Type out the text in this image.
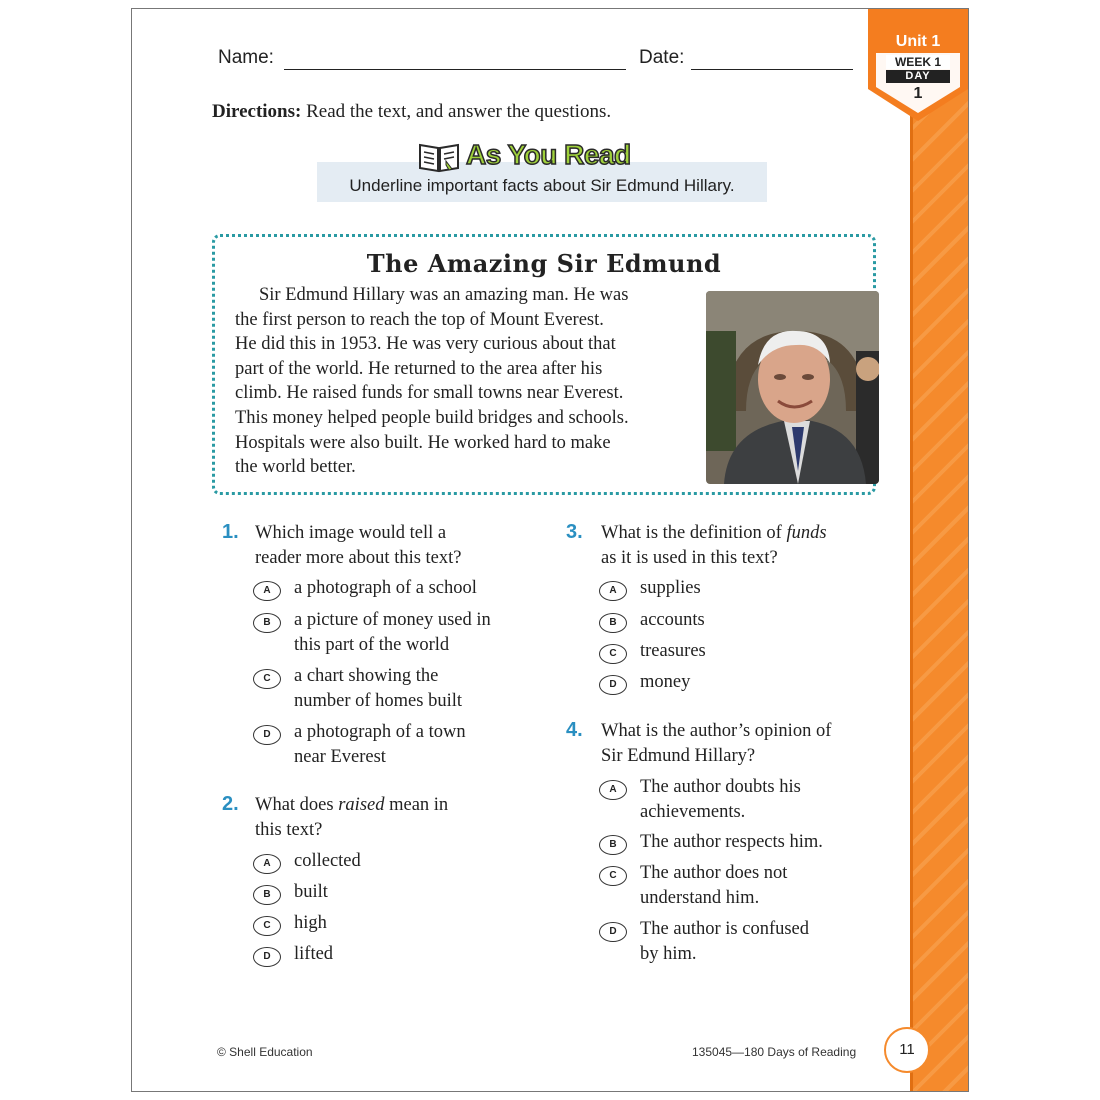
Unit 1
WEEK 1
DAY
1
Name:	Date:
Directions: Read the text, and answer the questions.
Underline important facts about Sir Edmund Hillary.
As You Read
The Amazing Sir Edmund
Sir Edmund Hillary was an amazing man. He was
the first person to reach the top of Mount Everest.
He did this in 1953. He was very curious about that
part of the world. He returned to the area after his
climb. He raised funds for small towns near Everest.
This money helped people build bridges and schools.
Hospitals were also built. He worked hard to make
the world better.
1. Which image would tell a
reader more about this text?
A	a photograph of a school
B	a picture of money used in
this part of the world
C	a chart showing the
number of homes built
D	a photograph of a town
near Everest
2. What does raised mean in
this text?
A	collected
B	built
C	high
D	lifted
3. What is the definition of funds
as it is used in this text?
A	supplies
B	accounts
C	treasures
D	money
4. What is the author’s opinion of
Sir Edmund Hillary?
A	The author doubts his
achievements.
B	The author respects him.
C	The author does not
understand him.
D	The author is confused
by him.
© Shell Education	135045—180 Days of Reading	11
